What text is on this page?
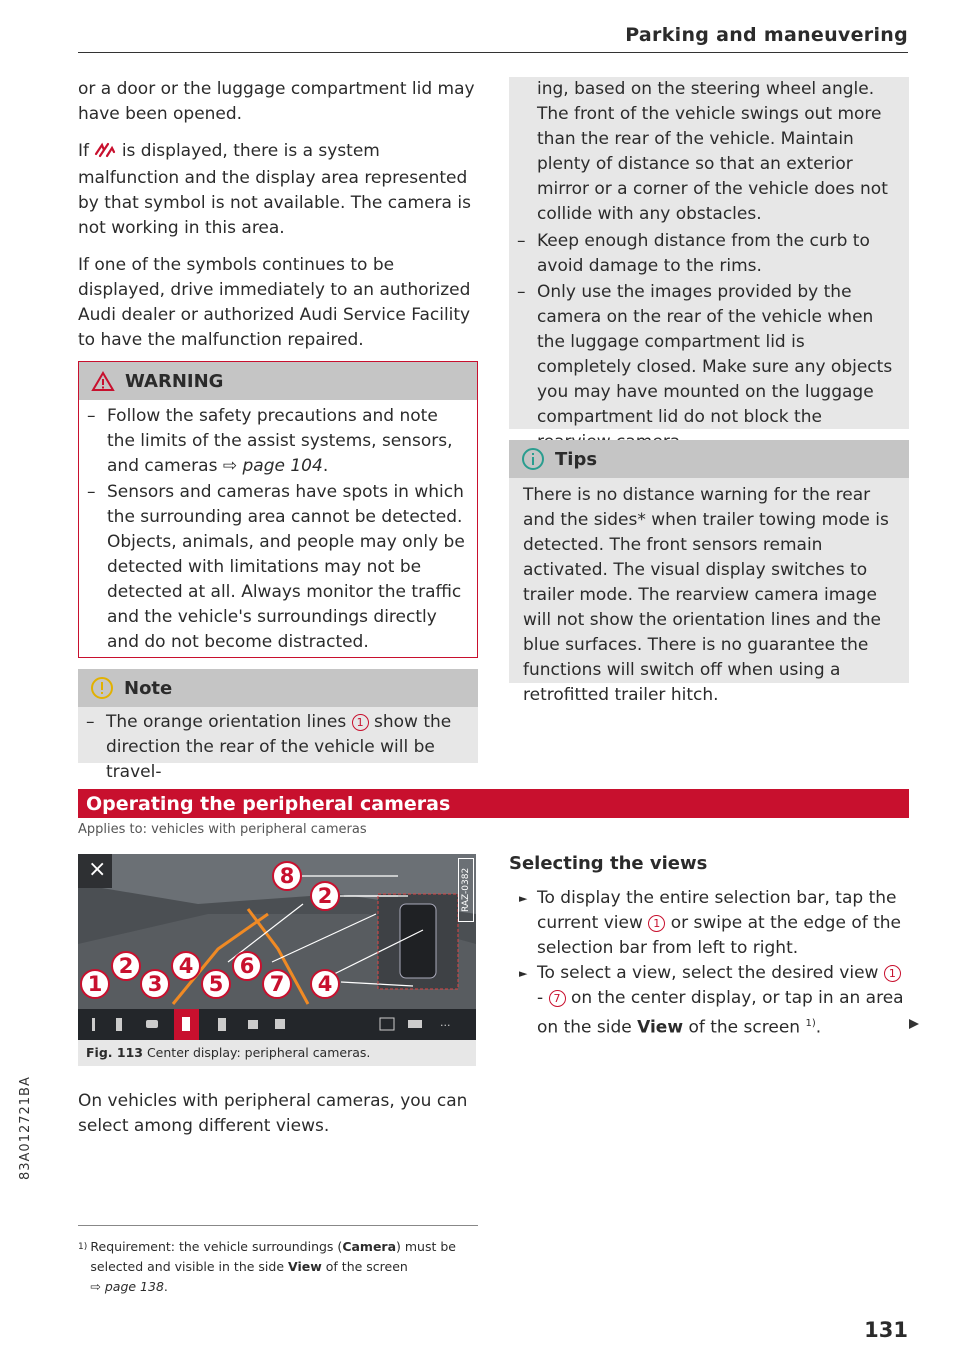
Parking and maneuvering

or a door or the luggage compartment lid may have been opened.

If is displayed, there is a system malfunction and the display area represented by that symbol is not available. The camera is not working in this area.

If one of the symbols continues to be displayed, drive immediately to an authorized Audi dealer or authorized Audi Service Facility to have the malfunction repaired.

WARNING

– Follow the safety precautions and note the limits of the assist systems, sensors, and cameras ⇨ page 104.

– Sensors and cameras have spots in which the surrounding area cannot be detected. Objects, animals, and people may only be detected with limitations may not be detected at all. Always monitor the traffic and the vehicle's surroundings directly and do not become distracted.

Note

– The orange orientation lines 1 show the direction the rear of the vehicle will be travel-

ing, based on the steering wheel angle. The front of the vehicle swings out more than the rear of the vehicle. Maintain plenty of distance so that an exterior mirror or a corner of the vehicle does not collide with any obstacles.

– Keep enough distance from the curb to avoid damage to the rims.

– Only use the images provided by the camera on the rear of the vehicle when the luggage compartment lid is completely closed. Make sure any objects you may have mounted on the luggage compartment lid do not block the

Tips

There is no distance warning for the rear and the sides* when trailer towing mode is detected. The front sensors remain activated. The visual display switches to trailer mode. The rearview camera image will not show the orientation lines and the blue surfaces. There is no guarantee the functions will switch off when using a retrofitted trailer hitch.

Operating the peripheral cameras
Applies to: vehicles with peripheral cameras
···
×	RAZ-0382
8
2
2	4	6
1	3	5	7	4
Fig. 113 Center display: peripheral cameras.

On vehicles with peripheral cameras, you can select among different views.

Selecting the views

► To display the entire selection bar, tap the current view 1 or swipe at the edge of the selection bar from left to right.

► To select a view, select the desired view 1 - 7 on the center display, or tap in an area on the side View of the screen $^{1)}$.

1) Requirement: the vehicle surroundings (Camera) must be selected and visible in the side View of the screen
⇨ page 138.
83A012721BA
131
